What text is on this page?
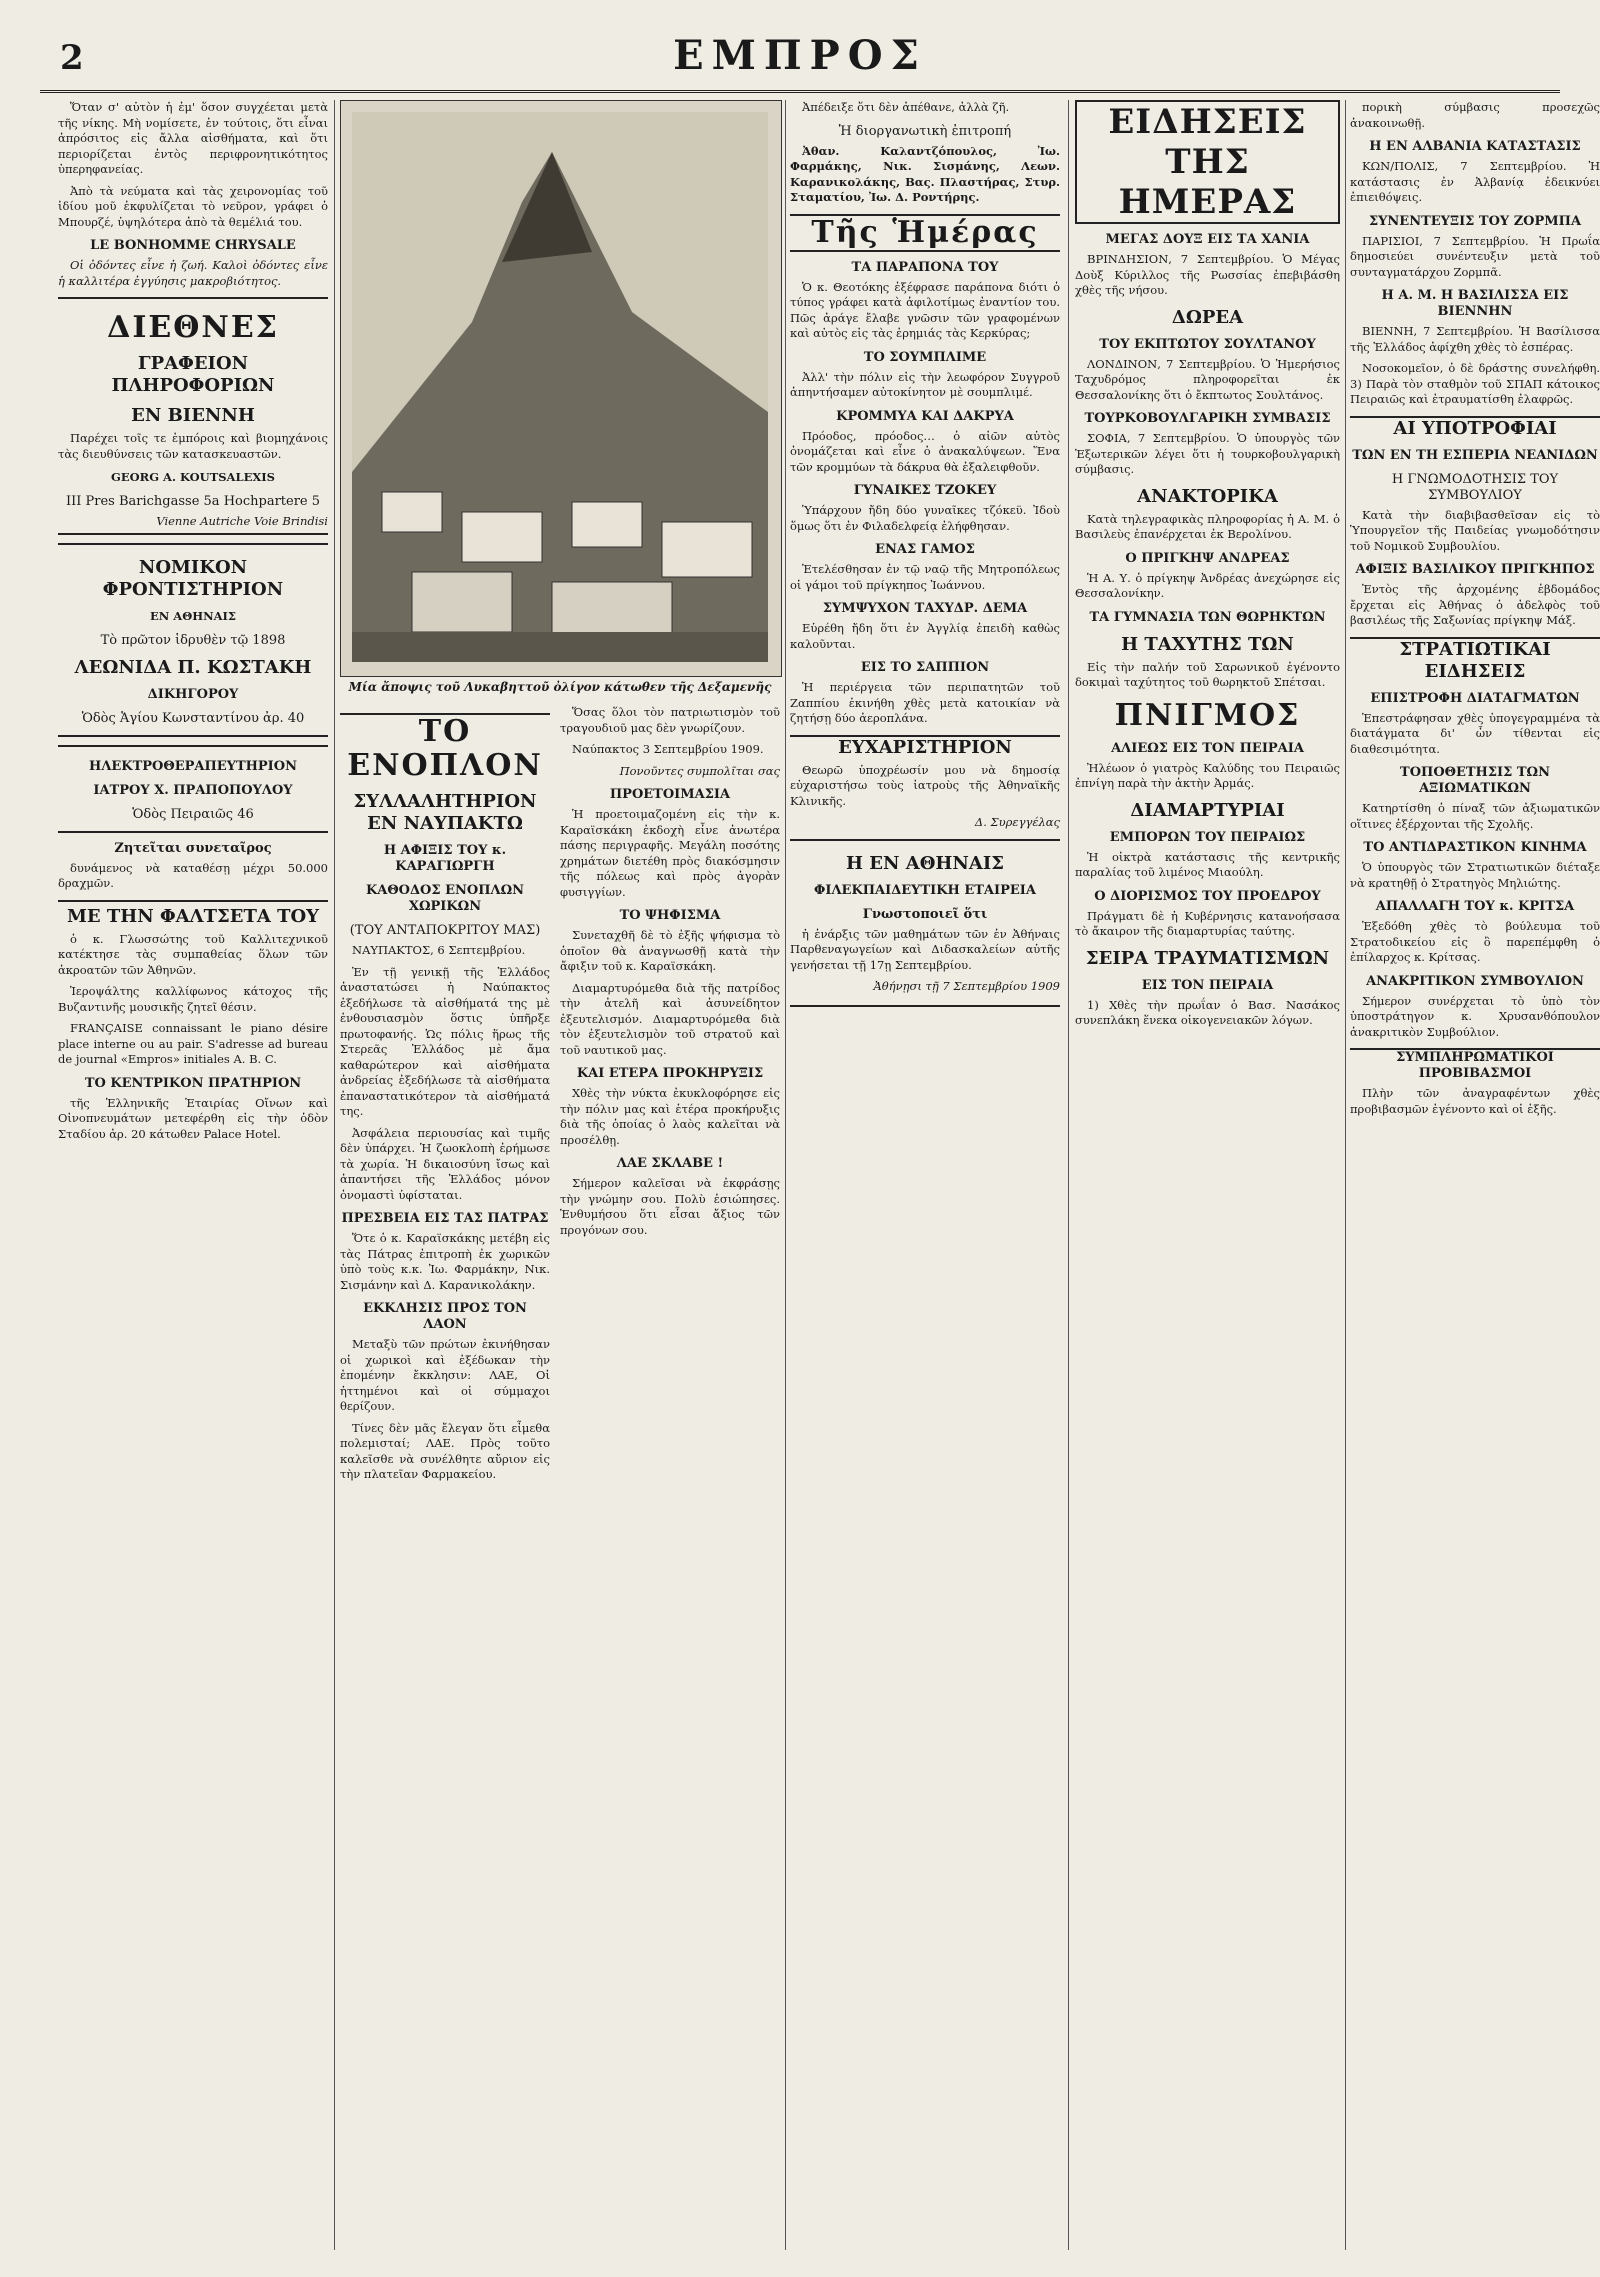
2	ΕΜΠΡΟΣ

Ὅταν σ' αὐτὸν ἡ ἐμ' ὅσον συγχέεται μετὰ τῆς νίκης. Μὴ νομίσετε, ἐν τούτοις, ὅτι εἶναι ἀπρόσιτος εἰς ἄλλα αἰσθήματα, καὶ ὅτι περιορίζεται ἐντὸς περιφρονητικότητος ὑπερηφανείας.

Ἀπὸ τὰ νεύματα καὶ τὰς χειρονομίας τοῦ ἰδίου μοῦ ἐκφυλίζεται τὸ νεῦρον, γράφει ὁ Μπουρζέ, ὑψηλότερα ἀπὸ τὰ θεμέλιά του.

LE BONHOMME CHRYSALE

Οἱ ὀδόντες εἶνε ἡ ζωή. Καλοὶ ὀδόντες εἶνε ἡ καλλιτέρα ἐγγύησις μακροβιότητος.

ΔΙΕΘΝΕΣ
ΓΡΑΦΕΙΟΝ ΠΛΗΡΟΦΟΡΙΩΝ
ΕΝ ΒΙΕΝΝΗ

Παρέχει τοῖς τε ἐμπόροις καὶ βιομηχάνοις τὰς διευθύνσεις τῶν κατασκευαστῶν.

GEORG A. KOUTSALEXIS
III Pres Barichgasse 5a Hochpartere 5
Vienne Autriche Voie Brindisi
ΝΟΜΙΚΟΝ ΦΡΟΝΤΙΣΤΗΡΙΟΝ
ΕΝ ΑΘΗΝΑΙΣ
Τὸ πρῶτον ἱδρυθὲν τῷ 1898
ΛΕΩΝΙΔΑ Π. ΚΩΣΤΑΚΗ
ΔΙΚΗΓΟΡΟΥ
Ὁδὸς Ἁγίου Κωνσταντίνου ἀρ. 40
ΗΛΕΚΤΡΟΘΕΡΑΠΕΥΤΗΡΙΟΝ
ΙΑΤΡΟΥ Χ. ΠΡΑΠΟΠΟΥΛΟΥ
Ὁδὸς Πειραιῶς 46
Ζητεῖται συνεταῖρος

δυνάμενος νὰ καταθέσῃ μέχρι 50.000 δραχμῶν.

ΜΕ ΤΗΝ ΦΑΛΤΣΕΤΑ ΤΟΥ

ὁ κ. Γλωσσώτης τοῦ Καλλιτεχνικοῦ κατέκτησε τὰς συμπαθείας ὅλων τῶν ἀκροατῶν τῶν Ἀθηνῶν.

Ἱεροψάλτης καλλίφωνος κάτοχος τῆς Βυζαντινῆς μουσικῆς ζητεῖ θέσιν.

FRANÇAISE connaissant le piano désire place interne ou au pair. S'adresse ad bureau de journal «Empros» initiales A. B. C.

ΤΟ ΚΕΝΤΡΙΚΟΝ ΠΡΑΤΗΡΙΟΝ

τῆς Ἑλληνικῆς Ἑταιρίας Οἴνων καὶ Οἰνοπνευμάτων μετεφέρθη εἰς τὴν ὁδὸν Σταδίου ἀρ. 20 κάτωθεν Palace Hotel.

Μία ἄποψις τοῦ Λυκαβηττοῦ ὀλίγον κάτωθεν τῆς Δεξαμενῆς
ΤΟ ΕΝΟΠΛΟΝ
ΣΥΛΛΑΛΗΤΗΡΙΟΝ ΕΝ ΝΑΥΠΑΚΤΩ
Η ΑΦΙΞΙΣ ΤΟΥ κ. ΚΑΡΑΓΙΩΡΓΗ
ΚΑΘΟΔΟΣ ΕΝΟΠΛΩΝ ΧΩΡΙΚΩΝ
(ΤΟΥ ΑΝΤΑΠΟΚΡΙΤΟΥ ΜΑΣ)

ΝΑΥΠΑΚΤΟΣ, 6 Σεπτεμβρίου.

Ἐν τῇ γενικῇ τῆς Ἑλλάδος ἀναστατώσει ἡ Ναύπακτος ἐξεδήλωσε τὰ αἰσθήματά της μὲ ἐνθουσιασμὸν ὅστις ὑπῆρξε πρωτοφανής. Ὡς πόλις ἥρως τῆς Στερεᾶς Ἑλλάδος μὲ ἄμα καθαρώτερον καὶ αἰσθήματα ἀνδρείας ἐξεδήλωσε τὰ αἰσθήματα ἐπαναστατικότερον τὰ αἰσθήματά της.

Ἀσφάλεια περιουσίας καὶ τιμῆς δὲν ὑπάρχει. Ἡ ζωοκλοπὴ ἐρήμωσε τὰ χωρία. Ἡ δικαιοσύνη ἴσως καὶ ἀπαντήσει τῆς Ἑλλάδος μόνον ὀνομαστὶ ὑφίσταται.

ΠΡΕΣΒΕΙΑ ΕΙΣ ΤΑΣ ΠΑΤΡΑΣ

Ὅτε ὁ κ. Καραϊσκάκης μετέβη εἰς τὰς Πάτρας ἐπιτροπὴ ἐκ χωρικῶν ὑπὸ τοὺς κ.κ. Ἰω. Φαρμάκην, Νικ. Σισμάνην καὶ Δ. Καρανικολάκην.

ΕΚΚΛΗΣΙΣ ΠΡΟΣ ΤΟΝ ΛΑΟΝ

Μεταξὺ τῶν πρώτων ἐκινήθησαν οἱ χωρικοὶ καὶ ἐξέδωκαν τὴν ἑπομένην ἔκκλησιν: ΛΑΕ, Οἱ ἡττημένοι καὶ οἱ σύμμαχοι θερίζουν.

Τίνες δὲν μᾶς ἔλεγαν ὅτι εἶμεθα πολεμισταί; ΛΑΕ. Πρὸς τοῦτο καλεῖσθε νὰ συνέλθητε αὔριον εἰς τὴν πλατεῖαν Φαρμακείου.

Ὅσας ὅλοι τὸν πατριωτισμὸν τοῦ τραγουδιοῦ μας δὲν γνωρίζουν.

Ναύπακτος 3 Σεπτεμβρίου 1909.

Πονοῦντες συμπολῖται σας

ΠΡΟΕΤΟΙΜΑΣΙΑ

Ἡ προετοιμαζομένη εἰς τὴν κ. Καραϊσκάκη ἐκδοχὴ εἶνε ἀνωτέρα πάσης περιγραφῆς. Μεγάλη ποσότης χρημάτων διετέθη πρὸς διακόσμησιν τῆς πόλεως καὶ πρὸς ἀγορὰν φυσιγγίων.

ΤΟ ΨΗΦΙΣΜΑ

Συνεταχθῆ δὲ τὸ ἐξῆς ψήφισμα τὸ ὁποῖον θὰ ἀναγνωσθῇ κατὰ τὴν ἄφιξιν τοῦ κ. Καραϊσκάκη.

Διαμαρτυρόμεθα διὰ τῆς πατρίδος τὴν ἀτελῆ καὶ ἀσυνείδητον ἐξευτελισμόν. Διαμαρτυρόμεθα διὰ τὸν ἐξευτελισμὸν τοῦ στρατοῦ καὶ τοῦ ναυτικοῦ μας.

ΚΑΙ ΕΤΕΡΑ ΠΡΟΚΗΡΥΞΙΣ

Χθὲς τὴν νύκτα ἐκυκλοφόρησε εἰς τὴν πόλιν μας καὶ ἑτέρα προκήρυξις διὰ τῆς ὁποίας ὁ λαὸς καλεῖται νὰ προσέλθῃ.

ΛΑΕ ΣΚΛΑΒΕ !

Σήμερον καλεῖσαι νὰ ἐκφράσῃς τὴν γνώμην σου. Πολὺ ἐσιώπησες. Ἐνθυμήσου ὅτι εἶσαι ἄξιος τῶν προγόνων σου.

Ἀπέδειξε ὅτι δὲν ἀπέθανε, ἀλλὰ ζῆ.

Ἡ διοργανωτικὴ ἐπιτροπή

Ἀθαν. Καλαντζόπουλος, Ἰω. Φαρμάκης, Νικ. Σισμάνης, Λεων. Καρανικολάκης, Βας. Πλαστήρας, Στυρ. Σταματίου, Ἰω. Δ. Ροντήρης.

Τῆς Ἡμέρας
ΤΑ ΠΑΡΑΠΟΝΑ ΤΟΥ

Ὁ κ. Θεοτόκης ἐξέφρασε παράπονα διότι ὁ τύπος γράφει κατὰ ἀφιλοτίμως ἐναντίον του. Πῶς ἀράγε ἔλαβε γνῶσιν τῶν γραφομένων καὶ αὐτὸς εἰς τὰς ἐρημιάς τὰς Κερκύρας;

ΤΟ ΣΟΥΜΠΛΙΜΕ

Ἀλλ' τὴν πόλιν εἰς τὴν λεωφόρον Συγγροῦ ἀπηντήσαμεν αὐτοκίνητον μὲ σουμπλιμέ.

ΚΡΟΜΜΥΑ ΚΑΙ ΔΑΚΡΥΑ

Πρόοδος, πρόοδος… ὁ αἰῶν αὐτὸς ὀνομάζεται καὶ εἶνε ὁ ἀνακαλύψεων. Ἕνα τῶν κρομμύων τὰ δάκρυα θὰ ἐξαλειφθοῦν.

ΓΥΝΑΙΚΕΣ ΤΖΟΚΕΥ

Ὑπάρχουν ἤδη δύο γυναῖκες τζόκεϋ. Ἰδοὺ ὅμως ὅτι ἐν Φιλαδελφείᾳ ἐλήφθησαν.

ΕΝΑΣ ΓΑΜΟΣ

Ἐτελέσθησαν ἐν τῷ ναῷ τῆς Μητροπόλεως οἱ γάμοι τοῦ πρίγκηπος Ἰωάννου.

ΣΥΜΨΥΧΟΝ ΤΑΧΥΔΡ. ΔΕΜΑ

Εὑρέθη ἤδη ὅτι ἐν Ἀγγλίᾳ ἐπειδὴ καθὼς καλοῦνται.

ΕΙΣ ΤΟ ΣΑΠΠΙΟΝ

Ἡ περιέργεια τῶν περιπατητῶν τοῦ Ζαππίου ἐκινήθη χθὲς μετὰ κατοικίαν νὰ ζητήσῃ δύο ἀεροπλάνα.

ΕΥΧΑΡΙΣΤΗΡΙΟΝ

Θεωρῶ ὑποχρέωσίν μου νὰ δημοσίᾳ εὐχαριστήσω τοὺς ἰατροὺς τῆς Ἀθηναϊκῆς Κλινικῆς.

Δ. Συρεγγέλας

Η ΕΝ ΑΘΗΝΑΙΣ
ΦΙΛΕΚΠΑΙΔΕΥΤΙΚΗ ΕΤΑΙΡΕΙΑ
Γνωστοποιεῖ ὅτι

ἡ ἐνάρξις τῶν μαθημάτων τῶν ἐν Ἀθήναις Παρθεναγωγείων καὶ Διδασκαλείων αὐτῆς γενήσεται τῇ 17ῃ Σεπτεμβρίου.

Ἀθήνῃσι τῇ 7 Σεπτεμβρίου 1909

ΕΙΔΗΣΕΙΣ ΤΗΣ ΗΜΕΡΑΣ
ΜΕΓΑΣ ΔΟΥΞ ΕΙΣ ΤΑ ΧΑΝΙΑ

ΒΡΙΝΔΗΣΙΟΝ, 7 Σεπτεμβρίου. Ὁ Μέγας Δοὺξ Κύριλλος τῆς Ρωσσίας ἐπεβιβάσθη χθὲς τῆς νήσου.

ΔΩΡΕΑ
ΤΟΥ ΕΚΠΤΩΤΟΥ ΣΟΥΛΤΑΝΟΥ

ΛΟΝΔΙΝΟΝ, 7 Σεπτεμβρίου. Ὁ Ἡμερήσιος Ταχυδρόμος πληροφορεῖται ἐκ Θεσσαλονίκης ὅτι ὁ ἔκπτωτος Σουλτάνος.

ΤΟΥΡΚΟΒΟΥΛΓΑΡΙΚΗ ΣΥΜΒΑΣΙΣ

ΣΟΦΙΑ, 7 Σεπτεμβρίου. Ὁ ὑπουργὸς τῶν Ἐξωτερικῶν λέγει ὅτι ἡ τουρκοβουλγαρικὴ σύμβασις.

ΑΝΑΚΤΟΡΙΚΑ

Κατὰ τηλεγραφικὰς πληροφορίας ἡ Α. Μ. ὁ Βασιλεὺς ἐπανέρχεται ἐκ Βερολίνου.

Ο ΠΡΙΓΚΗΨ ΑΝΔΡΕΑΣ

Ἡ Α. Υ. ὁ πρίγκηψ Ἀνδρέας ἀνεχώρησε εἰς Θεσσαλονίκην.

ΤΑ ΓΥΜΝΑΣΙΑ ΤΩΝ ΘΩΡΗΚΤΩΝ
Η ΤΑΧΥΤΗΣ ΤΩΝ

Εἰς τὴν παλήν τοῦ Σαρωνικοῦ ἐγένοντο δοκιμαὶ ταχύτητος τοῦ θωρηκτοῦ Σπέτσαι.

ΠΝΙΓΜΟΣ
ΑΛΙΕΩΣ ΕΙΣ ΤΟΝ ΠΕΙΡΑΙΑ

Ἠλέωον ὁ γιατρὸς Καλύδης του Πειραιῶς ἐπνίγη παρὰ τὴν ἀκτὴν Ἀρμάς.

ΔΙΑΜΑΡΤΥΡΙΑΙ
ΕΜΠΟΡΩΝ ΤΟΥ ΠΕΙΡΑΙΩΣ

Ἡ οἰκτρὰ κατάστασις τῆς κεντρικῆς παραλίας τοῦ λιμένος Μιαούλη.

Ο ΔΙΟΡΙΣΜΟΣ ΤΟΥ ΠΡΟΕΔΡΟΥ

Πράγματι δὲ ἡ Κυβέρνησις κατανοήσασα τὸ ἄκαιρον τῆς διαμαρτυρίας ταύτης.

ΣΕΙΡΑ ΤΡΑΥΜΑΤΙΣΜΩΝ
ΕΙΣ ΤΟΝ ΠΕΙΡΑΙΑ

1) Χθὲς τὴν πρωΐαν ὁ Βασ. Νασάκος συνεπλάκη ἕνεκα οἰκογενειακῶν λόγων.

πορικὴ σύμβασις προσεχῶς ἀνακοινωθῇ.

Η ΕΝ ΑΛΒΑΝΙΑ ΚΑΤΑΣΤΑΣΙΣ

ΚΩΝ/ΠΟΛΙΣ, 7 Σεπτεμβρίου. Ἡ κατάστασις ἐν Ἀλβανίᾳ ἐδεικνύει ἐπιειθόψεις.

ΣΥΝΕΝΤΕΥΞΙΣ ΤΟΥ ΖΟΡΜΠΑ

ΠΑΡΙΣΙΟΙ, 7 Σεπτεμβρίου. Ἡ Πρωΐα δημοσιεύει συνέντευξιν μετὰ τοῦ συνταγματάρχου Ζορμπᾶ.

Η Α. Μ. Η ΒΑΣΙΛΙΣΣΑ ΕΙΣ ΒΙΕΝΝΗΝ

ΒΙΕΝΝΗ, 7 Σεπτεμβρίου. Ἡ Βασίλισσα τῆς Ἑλλάδος ἀφίχθη χθὲς τὸ ἑσπέρας.

Νοσοκομεῖον, ὁ δὲ δράστης συνελήφθη. 3) Παρὰ τὸν σταθμὸν τοῦ ΣΠΑΠ κάτοικος Πειραιῶς καὶ ἐτραυματίσθη ἐλαφρῶς.

ΑΙ ΥΠΟΤΡΟΦΙΑΙ
ΤΩΝ ΕΝ ΤΗ ΕΣΠΕΡΙΑ ΝΕΑΝΙΔΩΝ
Η ΓΝΩΜΟΔΟΤΗΣΙΣ ΤΟΥ ΣΥΜΒΟΥΛΙΟΥ

Κατὰ τὴν διαβιβασθεῖσαν εἰς τὸ Ὑπουργεῖον τῆς Παιδείας γνωμοδότησιν τοῦ Νομικοῦ Συμβουλίου.

ΑΦΙΞΙΣ ΒΑΣΙΛΙΚΟΥ ΠΡΙΓΚΗΠΟΣ

Ἐντὸς τῆς ἀρχομένης ἑβδομάδος ἔρχεται εἰς Ἀθήνας ὁ ἀδελφὸς τοῦ βασιλέως τῆς Σαξωνίας πρίγκηψ Μάξ.

ΣΤΡΑΤΙΩΤΙΚΑΙ ΕΙΔΗΣΕΙΣ
ΕΠΙΣΤΡΟΦΗ ΔΙΑΤΑΓΜΑΤΩΝ

Ἐπεστράφησαν χθὲς ὑπογεγραμμένα τὰ διατάγματα δι' ὧν τίθενται εἰς διαθεσιμότητα.

ΤΟΠΟΘΕΤΗΣΙΣ ΤΩΝ ΑΞΙΩΜΑΤΙΚΩΝ

Κατηρτίσθη ὁ πίναξ τῶν ἀξιωματικῶν οἵτινες ἐξέρχονται τῆς Σχολῆς.

ΤΟ ΑΝΤΙΔΡΑΣΤΙΚΟΝ ΚΙΝΗΜΑ

Ὁ ὑπουργὸς τῶν Στρατιωτικῶν διέταξε νὰ κρατηθῇ ὁ Στρατηγὸς Μηλιώτης.

ΑΠΑΛΛΑΓΗ ΤΟΥ κ. ΚΡΙΤΣΑ

Ἐξεδόθη χθὲς τὸ βούλευμα τοῦ Στρατοδικείου εἰς ὃ παρεπέμφθη ὁ ἐπίλαρχος κ. Κρίτσας.

ΑΝΑΚΡΙΤΙΚΟΝ ΣΥΜΒΟΥΛΙΟΝ

Σήμερον συνέρχεται τὸ ὑπὸ τὸν ὑποστράτηγον κ. Χρυσανθόπουλον ἀνακριτικὸν Συμβούλιον.

ΣΥΜΠΛΗΡΩΜΑΤΙΚΟΙ ΠΡΟΒΙΒΑΣΜΟΙ

Πλὴν τῶν ἀναγραφέντων χθὲς προβιβασμῶν ἐγένοντο καὶ οἱ ἑξῆς.
